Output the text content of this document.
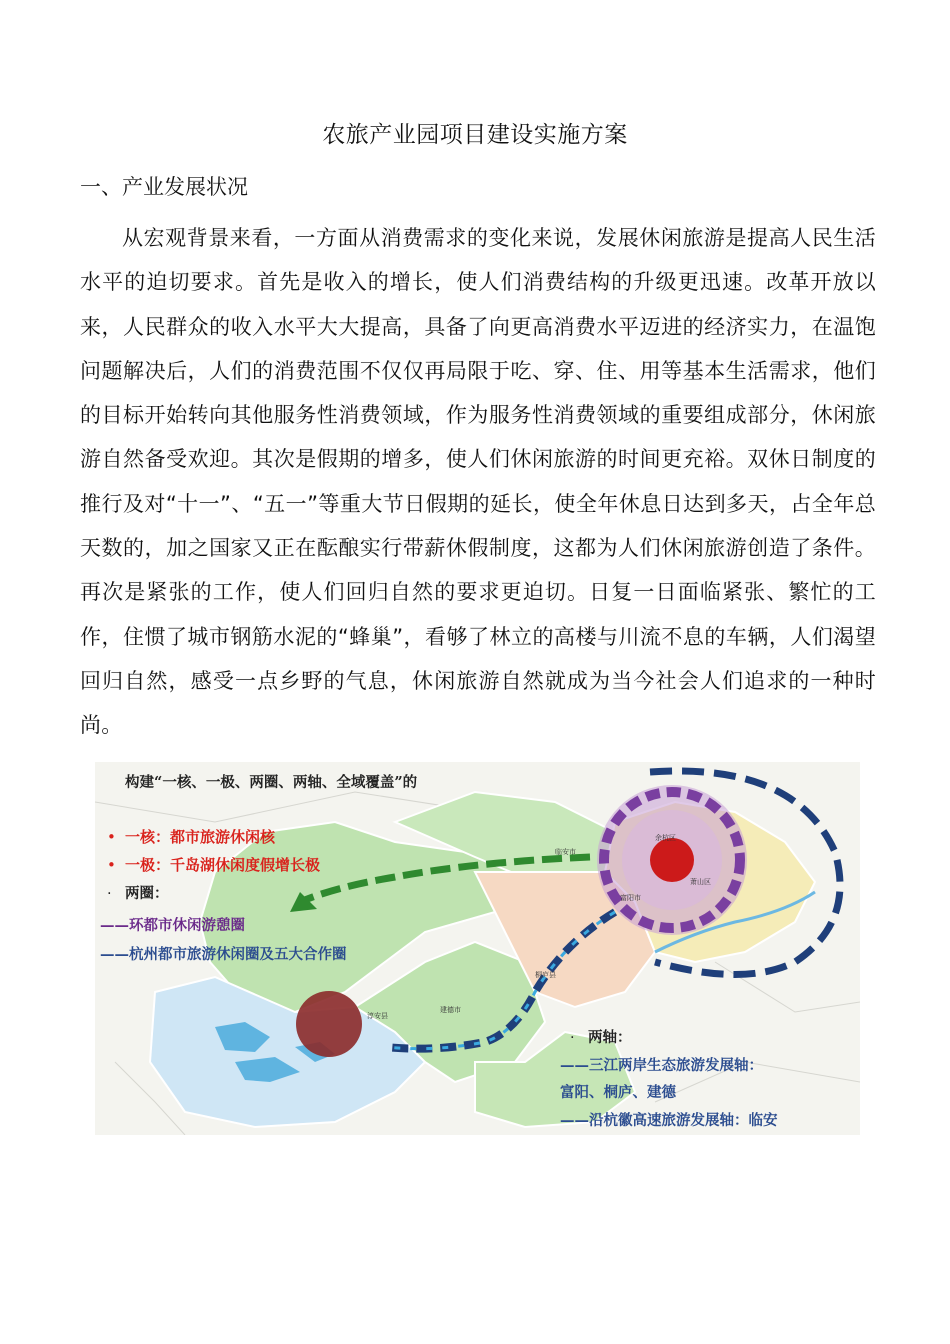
农旅产业园项目建设实施方案
一、产业发展状况
从宏观背景来看，一方面从消费需求的变化来说，发展休闲旅游是提高人民生活水平的迫切要求。首先是收入的增长，使人们消费结构的升级更迅速。改革开放以来，人民群众的收入水平大大提高，具备了向更高消费水平迈进的经济实力，在温饱问题解决后，人们的消费范围不仅仅再局限于吃、穿、住、用等基本生活需求，他们的目标开始转向其他服务性消费领域，作为服务性消费领域的重要组成部分，休闲旅游自然备受欢迎。其次是假期的增多，使人们休闲旅游的时间更充裕。双休日制度的推行及对“十一”、“五一”等重大节日假期的延长，使全年休息日达到多天，占全年总天数的，加之国家又正在酝酿实行带薪休假制度，这都为人们休闲旅游创造了条件。再次是紧张的工作，使人们回归自然的要求更迫切。日复一日面临紧张、繁忙的工作，住惯了城市钢筋水泥的“蜂巢”，看够了林立的高楼与川流不息的车辆，人们渴望回归自然，感受一点乡野的气息，休闲旅游自然就成为当今社会人们追求的一种时尚。
临安市
余杭区
萧山区
富阳市
桐庐县
建德市
淳安县
构建“一核、一极、两圈、两轴、全域覆盖”的
• 一核：都市旅游休闲核
• 一极：千岛湖休闲度假增长极
· 两圈：
——环都市休闲游憩圈
——杭州都市旅游休闲圈及五大合作圈
· 两轴：
——三江两岸生态旅游发展轴：
富阳、桐庐、建德
——沿杭徽高速旅游发展轴：临安
